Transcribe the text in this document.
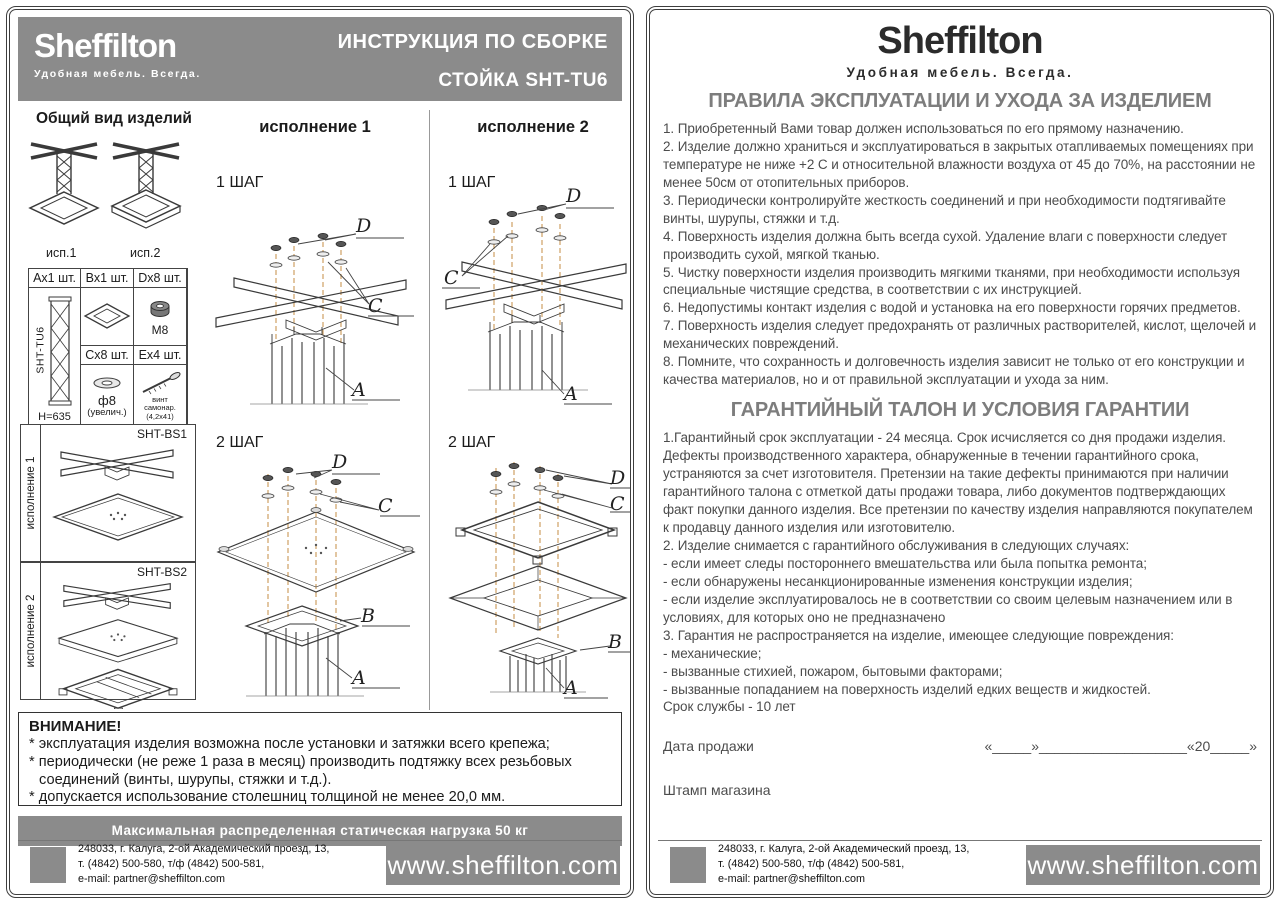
Sheffilton
Удобная мебель. Всегда.
ИНСТРУКЦИЯ ПО СБОРКЕ
СТОЙКА SHT-TU6
Общий вид изделий
исп.1	исп.2
Ax1 шт. Bx1 шт. Dx8 шт.
SHT-TU6
H=635
M8
Cx8 шт. Ex4 шт.
ф8
(увелич.)
винт
самонар.
(4,2х41)
исполнение 1
SHT-BS1
исполнение 2
SHT-BS2
исполнение 1	исполнение 2
1 ШАГ	1 ШАГ
2 ШАГ	2 ШАГ
D
C
A
D
C
A
D
C
B
A
D
C
B
A
ВНИМАНИЕ!

* эксплуатация изделия возможна после установки и затяжки всего крепежа;

* периодически (не реже 1 раза в месяц) производить подтяжку всех резьбовых соединений (винты, шурупы, стяжки и т.д.).

* допускается использование столешниц толщиной не менее 20,0 мм.

Максимальная распределенная статическая нагрузка 50 кг
248033, г. Калуга, 2-ой Академический проезд, 13,
т. (4842) 500-580, т/ф (4842) 500-581,
e-mail: partner@sheffilton.com	www.sheffilton.com
Sheffilton
Удобная мебель. Всегда.
ПРАВИЛА ЭКСПЛУАТАЦИИ И УХОДА ЗА ИЗДЕЛИЕМ

1. Приобретенный Вами товар должен использоваться по его прямому назначению.

2. Изделие должно храниться и эксплуатироваться в закрытых отапливаемых помещениях при температуре не ниже +2 С и относительной влажности воздуха от 45 до 70%, на расстоянии не менее 50см от отопительных приборов.

3. Периодически контролируйте жесткость соединений и при необходимости подтягивайте винты, шурупы, стяжки и т.д.

4. Поверхность изделия должна быть всегда сухой. Удаление влаги с поверхности следует производить сухой, мягкой тканью.

5. Чистку поверхности изделия производить мягкими тканями, при необходимости используя специальные чистящие средства, в соответствии с их инструкцией.

6. Недопустимы контакт изделия с водой и установка на его поверхности горячих предметов.

7. Поверхность изделия следует предохранять от различных растворителей, кислот, щелочей и механических повреждений.

8. Помните, что сохранность и долговечность изделия зависит не только от его конструкции и качества материалов, но и от правильной эксплуатации и ухода за ним.

ГАРАНТИЙНЫЙ ТАЛОН И УСЛОВИЯ ГАРАНТИИ

1.Гарантийный срок эксплуатации - 24 месяца. Срок исчисляется со дня продажи изделия. Дефекты производственного характера, обнаруженные в течении гарантийного срока, устраняются за счет изготовителя. Претензии на такие дефекты принимаются при наличии гарантийного талона с отметкой даты продажи товара, либо документов подтверждающих факт покупки данного изделия. Все претензии по качеству изделия направляются покупателем к продавцу данного изделия или изготовителю.

2. Изделие снимается с гарантийного обслуживания в следующих случаях:

- если имеет следы постороннего вмешательства или была попытка ремонта;

- если обнаружены несанкционированные изменения конструкции изделия;

- если изделие эксплуатировалось не в соответствии со своим целевым назначением или в условиях, для которых оно не предназначено

3. Гарантия не распространяется на изделие, имеющее следующие повреждения:

- механические;

- вызванные стихией, пожаром, бытовыми факторами;

- вызванные попаданием на поверхность изделий едких веществ и жидкостей.

Срок службы - 10 лет

Дата продажи	«_____»___________________«20_____»
Штамп магазина
248033, г. Калуга, 2-ой Академический проезд, 13,
т. (4842) 500-580, т/ф (4842) 500-581,
e-mail: partner@sheffilton.com	www.sheffilton.com
